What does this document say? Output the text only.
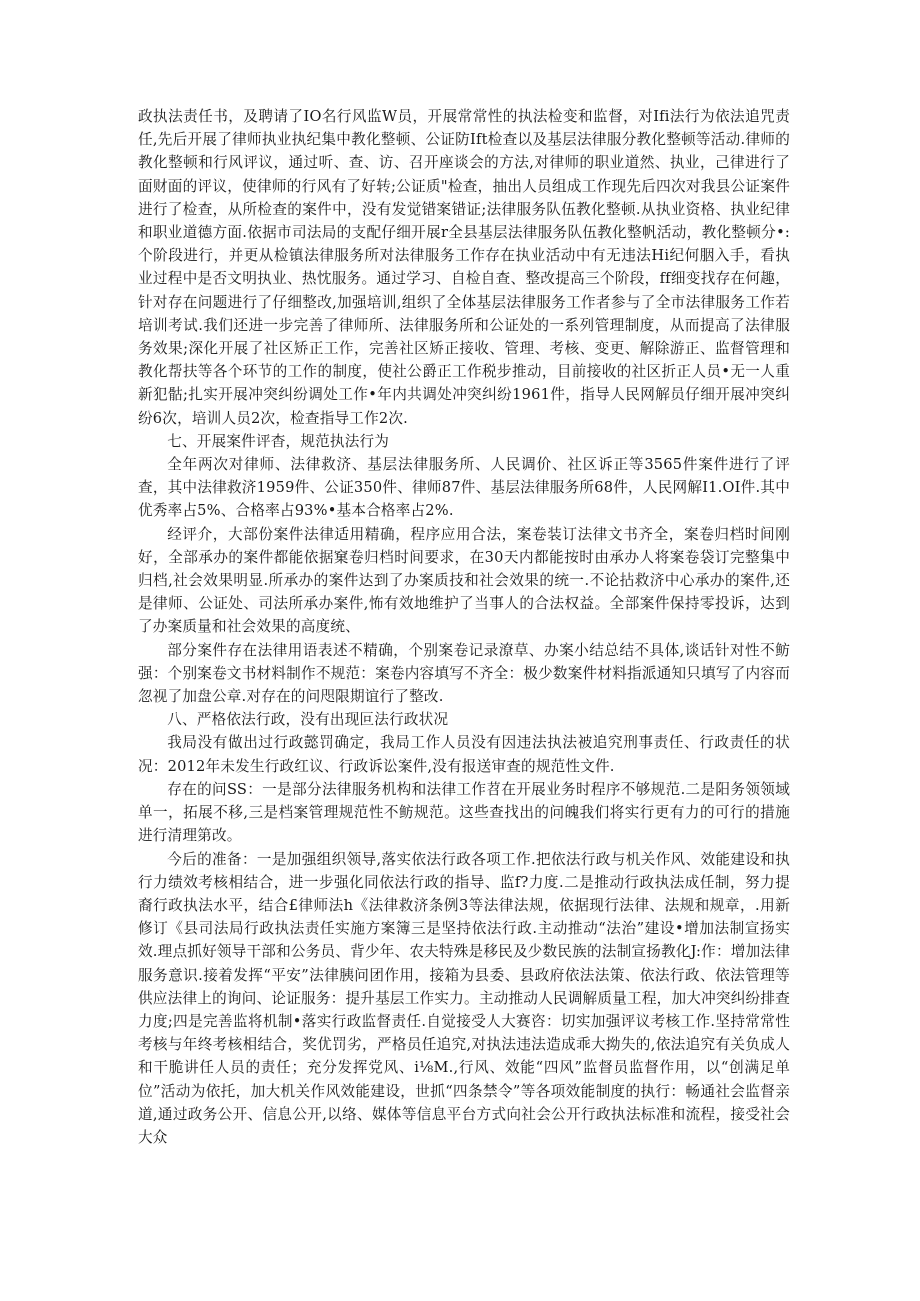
政执法责任书，及聘请了IO名行风监W员，开展常常性的执法检变和监督，对Ifi法行为依法追咒责任,先后开展了律师执业执纪集中教化整顿、公证防Ift检查以及基层法律服分教化整顿等活动.律师的教化整顿和行风评议，通过听、查、访、召开座谈会的方法,对律师的职业道然、执业，己律进行了面财面的评议，使律师的行风有了好转;公证质"检查，抽出人员组成工作现先后四次对我县公证案件进行了检查，从所检查的案件中，没有发觉错案错证;法律服务队伍教化整顿.从执业资格、执业纪律和职业道德方面.依据市司法局的支配仔细开展r全县基层法律服务队伍教化整帆活动，教化整顿分•:个阶段进行，并更从检镇法律服务所对法律服务工作存在执业活动中有无违法Hi纪何胭入手，看执业过程中是否文明执业、热忱服务。通过学习、自检自查、整改提高三个阶段，ff细变找存在何趣，针对存在问题进行了仔细整改,加强培训,组织了全体基层法律服务工作者参与了全市法律服务工作若培训考试.我们还进一步完善了律师所、法律服务所和公证处的一系列管理制度，从而提高了法律服务效果;深化开展了社区矫正工作，完善社区矫正接收、管理、考核、变更、解除游正、监督管理和教化帮扶等各个环节的工作的制度，使社公爵正工作税步推动，目前接收的社区折正人员•无一人重新犯骷;扎实开展冲突纠纷调处工作•年内共调处冲突纠纷1961件，指导人民网解员仔细开展冲突纠纷6次，培训人员2次，检查指导工作2次.

七、开展案件评杳，规范执法行为

全年两次对律师、法律救济、基层法律服务所、人民调价、社区诉正等3565件案件进行了评查，其中法律救济1959件、公证350件、律师87件、基层法律服务所68件，人民网解I1.OI件.其中优秀率占5%、合格率占93%•基本合格率占2%.

经评介，大部份案件法律适用精确，程序应用合法，案卷装订法律文书齐全，案卷归档时间刚好，全部承办的案件都能依据窠卷归档时间要求，在30天内都能按时由承办人将案卷袋订完整集中归档,社会效果明显.所承办的案件达到了办案质技和社会效果的统一.不论拈救济中心承办的案件,还是律师、公证处、司法所承办案件,怖有效地维护了当事人的合法权益。全部案件保持零投诉，达到了办案质量和社会效果的高度统、

部分案件存在法律用语表述不精确，个别案卷记录潦草、办案小结总结不具体,谈话针对性不鲂强：个别案卷文书材料制作不规范：案卷内容填写不齐全：极少数案件材料指派通知只填写了内容而忽视了加盘公章.对存在的问咫限期谊行了整改.

八、严格依法行政，没有出现叵法行政状况

我局没有做出过行政懿罚确定，我局工作人员没有因违法执法被追究刑事责任、行政责任的状况：2012年未发生行政红议、行政诉讼案件,没有报送审查的规范性文件.

存在的问SS：一是部分法律服务机构和法律工作苕在开展业务时程序不够规范.二是阳务领领域单一，拓展不移,三是档案管理规范性不鲂规范。这些查找出的问魄我们将实行更有力的可行的措施进行清理第改。

今后的准备：一是加强组织领导,落实依法行政各项工作.把依法行政与机关作风、效能建设和执行力绩效考核相结合，进一步强化同依法行政的指导、监f?力度.二是推动行政执法成任制，努力提裔行政执法水平，结合£律师法h《法律救济条例3等法律法规，依据现行法律、法规和规章，.用新修订《县司法局行政执法责任实施方案簿三是坚持依法行政.主动推动“法治”建设•增加法制宣扬实效.理点抓好领导干部和公务员、背少年、农夫特殊是移民及少数民族的法制宣扬教化J:作：增加法律服务意识.接着发挥“平安”法律胰问团作用，接箱为县委、县政府依法法策、依法行政、依法管理等供应法律上的询问、论证服务：提升基层工作实力。主动推动人民调解质量工程，加大冲突纠纷排查力度;四是完善监将机制•落实行政监督责任.自觉接受人大赛咨：切实加强评议考核工作.坚持常常性考核与年终考核相结合，奖优罚劣，严格员任追究,对执法违法造成乖大拗失的,依法追究有关负成人和干脆讲任人员的责任；充分发挥党风、i⅛M.,行风、效能“四风”监督员监督作用，以“创满足单位”活动为依托，加大机关作风效能建设，世抓“四条禁令”等各项效能制度的执行：畅通社会监督亲道,通过政务公开、信息公开,以络、媒体等信息平台方式向社会公开行政执法标准和流程，接受社会大众
